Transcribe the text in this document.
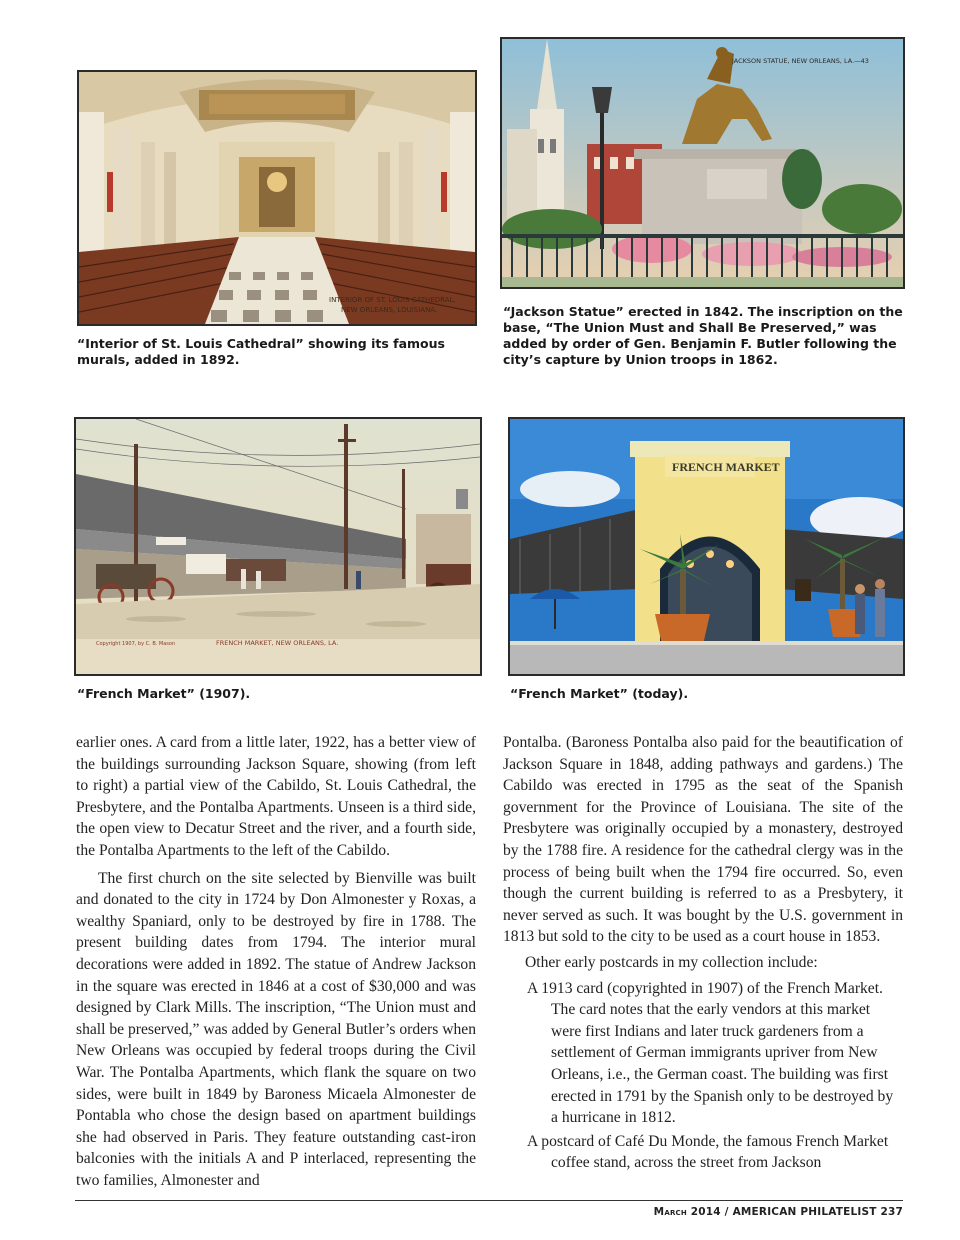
INTERIOR OF ST. LOUIS CATHEDRAL,
NEW ORLEANS, LOUISIANA.
“Interior of St. Louis Cathedral” showing its famous murals, added in 1892.
JACKSON STATUE, NEW ORLEANS, LA.—43
“Jackson Statue” erected in 1842. The inscription on the base, “The Union Must and Shall Be Preserved,” was added by order of Gen. Benjamin F. Butler following the city’s capture by Union troops in 1862.
Copyright 1907, by C. B. Mason	FRENCH MARKET, NEW ORLEANS, LA.
“French Market” (1907).
FRENCH MARKET
“French Market” (today).

earlier ones. A card from a little later, 1922, has a better view of the buildings surrounding Jackson Square, showing (from left to right) a partial view of the Cabildo, St. Louis Cathedral, the Presbytere, and the Pontalba Apartments. Unseen is a third side, the open view to Decatur Street and the river, and a fourth side, the Pontalba Apartments to the left of the Cabildo.

The first church on the site selected by Bienville was built and donated to the city in 1724 by Don Almonester y Roxas, a wealthy Spaniard, only to be destroyed by fire in 1788. The present building dates from 1794. The interior mural decorations were added in 1892. The statue of Andrew Jackson in the square was erected in 1846 at a cost of $30,000 and was designed by Clark Mills. The inscription, “The Union must and shall be preserved,” was added by General Butler’s orders when New Orleans was occupied by federal troops during the Civil War. The Pontalba Apartments, which flank the square on two sides, were built in 1849 by Baroness Micaela Almonester de Pontabla who chose the design based on apartment buildings she had observed in Paris. They feature outstanding cast-iron balconies with the initials A and P interlaced, representing the two families, Almonester and

Pontalba. (Baroness Pontalba also paid for the beautification of Jackson Square in 1848, adding pathways and gardens.) The Cabildo was erected in 1795 as the seat of the Spanish government for the Province of Louisiana. The site of the Presbytere was originally occupied by a monastery, destroyed by the 1788 fire. A residence for the cathedral clergy was in the process of being built when the 1794 fire occurred. So, even though the current building is referred to as a Presbytery, it never served as such. It was bought by the U.S. government in 1813 but sold to the city to be used as a court house in 1853.

Other early postcards in my collection include:

A 1913 card (copyrighted in 1907) of the French Market. The card notes that the early vendors at this market were first Indians and later truck gardeners from a settlement of German immigrants upriver from New Orleans, i.e., the German coast. The building was first erected in 1791 by the Spanish only to be destroyed by a hurricane in 1812.

A postcard of Café Du Monde, the famous French Market coffee stand, across the street from Jackson

March 2014 / AMERICAN PHILATELIST 237
